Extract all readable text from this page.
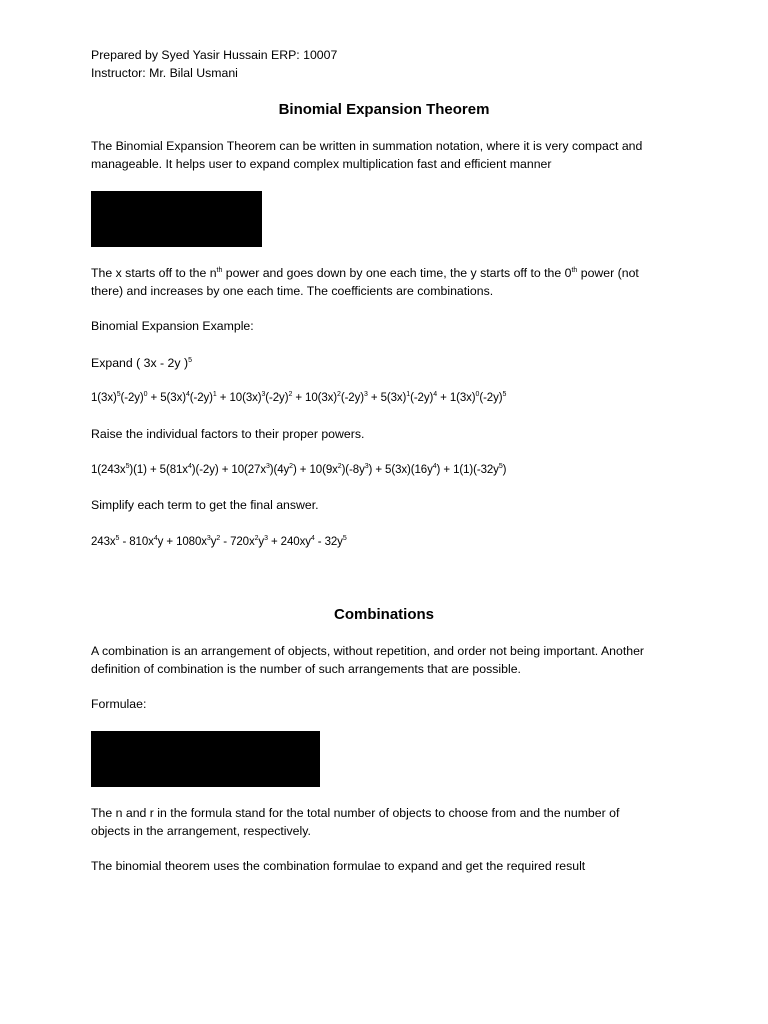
Prepared by Syed Yasir Hussain ERP: 10007

Instructor: Mr. Bilal Usmani

Binomial Expansion Theorem

The Binomial Expansion Theorem can be written in summation notation, where it is very compact and

manageable. It helps user to expand complex multiplication fast and efficient manner

The x starts off to the $n^{th}$ power and goes down by one each time, the y starts off to the 0th power (not

there) and increases by one each time. The coefficients are combinations.

Binomial Expansion Example:

Expand ( 3x - 2y )$^5$

$1(3x)^5(-2y)^0 + 5(3x)^4(-2y)^1 + 10(3x)^3(-2y)^2 + 10(3x)^2(-2y)^3 + 5(3x)^1(-2y)^4 + 1(3x)^0(-2y)^5$

Raise the individual factors to their proper powers.

$1(243x^5)(1) + 5(81x^4)(-2y) + 10(27x^3)(4y^2) + 10(9x^2)(-8y^3) + 5(3x)(16y^4) + 1(1)(-32y^5)$

Simplify each term to get the final answer.

$243x^5 - 810x^4y + 1080x^3y^2 - 720x^2y^3 + 240xy^4 - 32y^5$

Combinations

A combination is an arrangement of objects, without repetition, and order not being important. Another

definition of combination is the number of such arrangements that are possible.

Formulae:

The n and r in the formula stand for the total number of objects to choose from and the number of

objects in the arrangement, respectively.

The binomial theorem uses the combination formulae to expand and get the required result
